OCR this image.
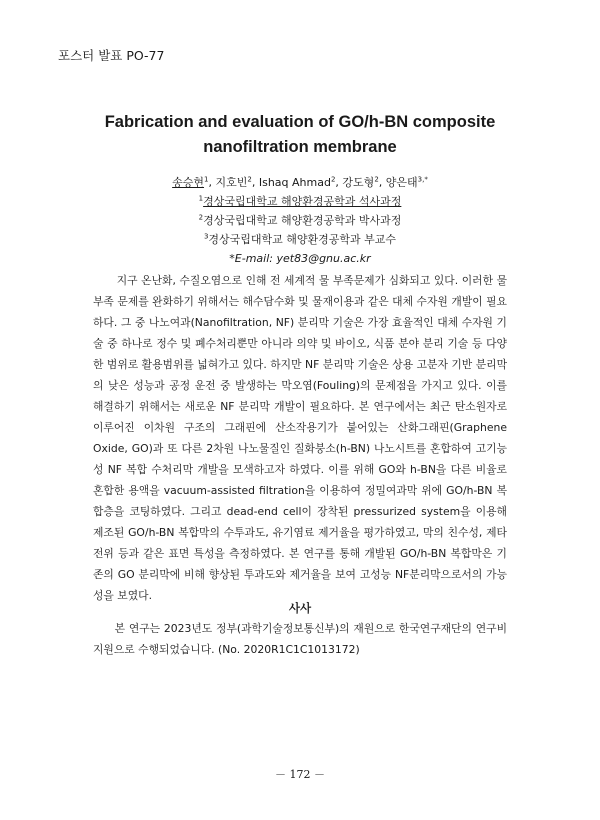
포스터 발표 PO-77
Fabrication and evaluation of GO/h-BN composite
nanofiltration membrane
송승현$^1$, 지호빈$^2$, Ishaq Ahmad$^2$, 강도형$^2$, 양은태$^{3,*}$
$^1$경상국립대학교 해양환경공학과 석사과정
$^2$경상국립대학교 해양환경공학과 박사과정
$^3$경상국립대학교 해양환경공학과 부교수
*E-mail: yet83@gnu.ac.kr

지구 온난화, 수질오염으로 인해 전 세계적 물 부족문제가 심화되고 있다. 이러한 물 부족 문제를 완화하기 위해서는 해수담수화 및 물재이용과 같은 대체 수자원 개발이 필요하다. 그 중 나노여과(Nanofiltration, NF) 분리막 기술은 가장 효율적인 대체 수자원 기술 중 하나로 정수 및 폐수처리뿐만 아니라 의약 및 바이오, 식품 분야 분리 기술 등 다양한 범위로 활용범위를 넓혀가고 있다. 하지만 NF 분리막 기술은 상용 고분자 기반 분리막의 낮은 성능과 공정 운전 중 발생하는 막오염(Fouling)의 문제점을 가지고 있다. 이를 해결하기 위해서는 새로운 NF 분리막 개발이 필요하다. 본 연구에서는 최근 탄소원자로 이루어진 이차원 구조의 그래핀에 산소작용기가 붙어있는 산화그래핀(Graphene Oxide, GO)과 또 다른 2차원 나노물질인 질화붕소(h-BN) 나노시트를 혼합하여 고기능성 NF 복합 수처리막 개발을 모색하고자 하였다. 이를 위해 GO와 h-BN을 다른 비율로 혼합한 용액을 vacuum-assisted filtration을 이용하여 정밀여과막 위에 GO/h-BN 복합층을 코팅하였다. 그리고 dead-end cell이 장착된 pressurized system을 이용해 제조된 GO/h-BN 복합막의 수투과도, 유기염료 제거율을 평가하였고, 막의 친수성, 제타전위 등과 같은 표면 특성을 측정하였다. 본 연구를 통해 개발된 GO/h-BN 복합막은 기존의 GO 분리막에 비해 향상된 투과도와 제거율을 보여 고성능 NF분리막으로서의 가능성을 보였다.

사사

본 연구는 2023년도 정부(과학기술정보통신부)의 재원으로 한국연구재단의 연구비 지원으로 수행되었습니다. (No. 2020R1C1C1013172)

－ 172 －
